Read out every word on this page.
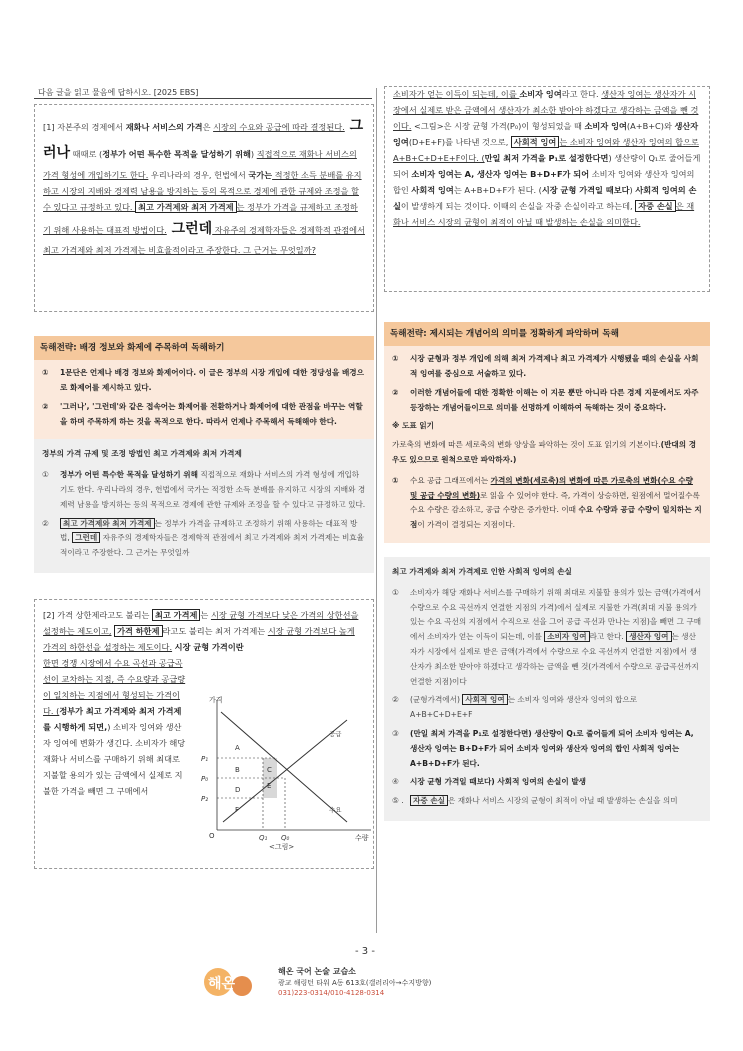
다음 글을 읽고 물음에 답하시오. [2025 EBS]
[1] 자본주의 경제에서 재화나 서비스의 가격은 시장의 수요와 공급에 따라 결정된다. 그러나 때때로 (정부가 어떤 특수한 목적을 달성하기 위해) 직접적으로 재화나 서비스의 가격 형성에 개입하기도 한다. 우리나라의 경우, 헌법에서 국가는 적정한 소득 분배를 유지하고 시장의 지배와 경제력 남용을 방지하는 등의 목적으로 경제에 관한 규제와 조정을 할 수 있다고 규정하고 있다. 최고 가격제와 최저 가격제 는 정부가 가격을 규제하고 조정하기 위해 사용하는 대표적 방법이다. 그런데 자유주의 경제학자들은 경제학적 관점에서 최고 가격제와 최저 가격제는 비효율적이라고 주장한다. 그 근거는 무엇일까?
독해전략: 배경 정보와 화제에 주목하여 독해하기
①	1문단은 언제나 배경 정보와 화제어이다. 이 글은 정부의 시장 개입에 대한 정당성을 배경으로 화제어를 제시하고 있다.
②	'그러나', '그런데'와 같은 접속어는 화제어를 전환하거나 화제어에 대한 관점을 바꾸는 역할을 하며 주목하게 하는 것을 목적으로 한다. 따라서 언제나 주목해서 독해해야 한다.
정부의 가격 규제 및 조정 방법인 최고 가격제와 최저 가격제
①	정부가 어떤 특수한 목적을 달성하기 위해 직접적으로 재화나 서비스의 가격 형성에 개입하기도 한다. 우리나라의 경우, 헌법에서 국가는 적정한 소득 분배를 유지하고 시장의 지배와 경제력 남용을 방지하는 등의 목적으로 경제에 관한 규제와 조정을 할 수 있다고 규정하고 있다.
②	최고 가격제와 최저 가격제 는 정부가 가격을 규제하고 조정하기 위해 사용하는 대표적 방법, 그런데 자유주의 경제학자들은 경제학적 관점에서 최고 가격제와 최저 가격제는 비효율적이라고 주장한다. 그 근거는 무엇일까
[2] 가격 상한제라고도 불리는 최고 가격제 는 시장 균형 가격보다 낮은 가격의 상한선을 설정하는 제도이고, 가격 하한제 라고도 불리는 최저 가격제는 시장 균형 가격보다 높게 가격의 하한선을 설정하는 제도이다. 시장 균형 가격이란
한면 경쟁 시장에서 수요 곡선과 공급곡선이 교차하는 지점, 즉 수요량과 공급량이 일치하는 지점에서 형성되는 가격이다. (정부가 최고 가격제와 최저 가격제를 시행하게 되면,) 소비자 잉여와 생산자 잉여에 변화가 생긴다. 소비자가 해당 재화나 서비스를 구매하기 위해 최대로 지불할 용의가 있는 금액에서 실제로 지불한 가격을 빼면 그 구매에서
가격
수량
O
P₁
P₀
P₂
Q₁ Q₀
A
B	C
D	E
F
공급
수요
<그림>
소비자가 얻는 이득이 되는데, 이를 소비자 잉여라고 한다. 생산자 잉여는 생산자가 시장에서 실제로 받은 금액에서 생산자가 최소한 받아야 하겠다고 생각하는 금액을 뺀 것이다. <그림>은 시장 균형 가격(P₀)이 형성되었을 때 소비자 잉여(A+B+C)와 생산자 잉여(D+E+F)를 나타낸 것으로, 사회적 잉여 는 소비자 잉여와 생산자 잉여의 합으로 A+B+C+D+E+F이다. (만일 최저 가격을 P₁로 설정한다면) 생산량이 Q₁로 줄어들게 되어 소비자 잉여는 A, 생산자 잉여는 B+D+F가 되어 소비자 잉여와 생산자 잉여의 합인 사회적 잉여는 A+B+D+F가 된다. (시장 균형 가격일 때보다) 사회적 잉여의 손실이 발생하게 되는 것이다. 이때의 손실을 자중 손실이라고 하는데, 자중 손실 은 재화나 서비스 시장의 균형이 최적이 아닐 때 발생하는 손실을 의미한다.
독해전략: 제시되는 개념어의 의미를 정확하게 파악하며 독해
①	시장 균형과 정부 개입에 의해 최저 가격제나 최고 가격제가 시행됐을 때의 손실을 사회적 잉여를 중심으로 서술하고 있다.
②	이러한 개념어들에 대한 정확한 이해는 이 지문 뿐만 아니라 다른 경제 지문에서도 자주 등장하는 개념어들이므로 의미를 선명하게 이해하여 독해하는 것이 중요하다.
※ 도표 읽기
가로축의 변화에 따른 세로축의 변화 양상을 파악하는 것이 도표 읽기의 기본이다.(반대의 경우도 있으므로 원척으로만 파악하자.)
①	수요 공급 그래프에서는 가격의 변화(세로축)의 변화에 따른 가로축의 변화(수요 수량 및 공급 수량의 변화)로 읽을 수 있어야 한다. 즉, 가격이 상승하면, 원점에서 멀어질수록 수요 수량은 감소하고, 공급 수량은 증가한다. 이때 수요 수량과 공급 수량이 일치하는 지점이 가격이 결정되는 지점이다.
최고 가격제와 최저 가격제로 인한 사회적 잉여의 손실
①	소비자가 해당 재화나 서비스를 구매하기 위해 최대로 지불할 용의가 있는 금액(가격에서 수량으로 수요 곡선까지 연결한 지점의 가격)에서 실제로 지불한 가격(최대 지불 용의가 있는 수요 곡선의 지점에서 수직으로 선을 그어 공급 곡선과 만나는 지점)을 빼면 그 구매에서 소비자가 얻는 이득이 되는데, 이를 소비자 잉여 라고 한다. 생산자 잉여 는 생산자가 시장에서 실제로 받은 금액(가격에서 수량으로 수요 곡선까지 연결한 지점)에서 생산자가 최소한 받아야 하겠다고 생각하는 금액을 뺀 것(가격에서 수량으로 공급곡선까지 연결한 지점)이다
②	(균형가격에서) 사회적 잉여 는 소비자 잉여와 생산자 잉여의 합으로 A+B+C+D+E+F
③	(만일 최저 가격을 P₁로 설정한다면) 생산량이 Q₁로 줄어들게 되어 소비자 잉여는 A, 생산자 잉여는 B+D+F가 되어 소비자 잉여와 생산자 잉여의 합인 사회적 잉여는 A+B+D+F가 된다.
④	시장 균형 가격일 때보다) 사회적 잉여의 손실이 발생
⑤ .	자중 손실 은 재화나 서비스 시장의 균형이 최적이 아닐 때 발생하는 손실을 의미
- 3 -
해온
해온 국어 논술 교습소
광교 해링턴 타워 A동 613호(갤러리아→수지방향)
031)223-0314/010-4128-0314
